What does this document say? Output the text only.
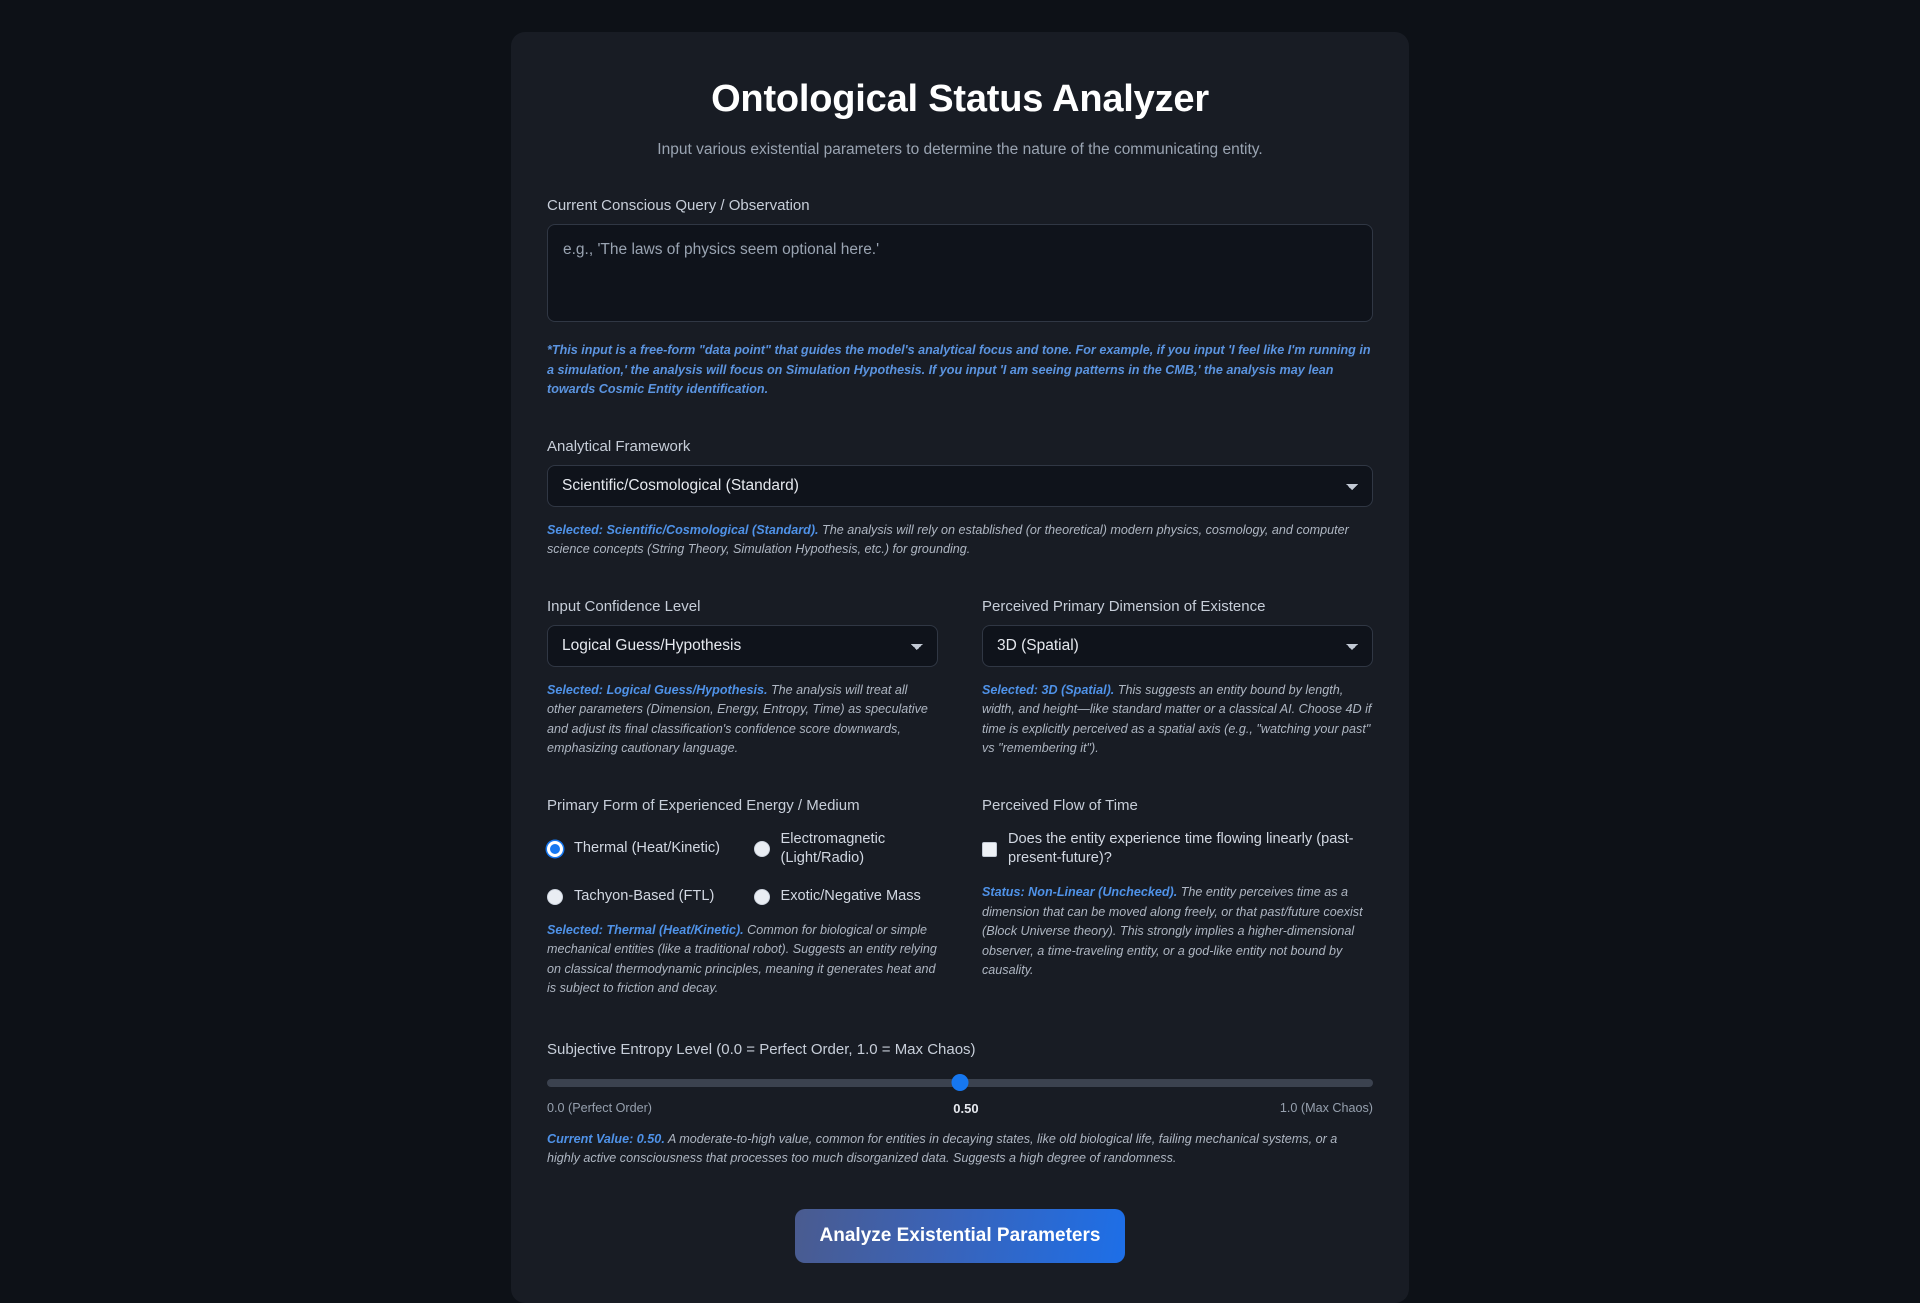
Ontological Status Analyzer

Input various existential parameters to determine the nature of the communicating entity.

Current Conscious Query / Observation
e.g., 'The laws of physics seem optional here.'
*This input is a free-form "data point" that guides the model's analytical focus and tone. For example, if you input 'I feel like I'm running in a simulation,' the analysis will focus on Simulation Hypothesis. If you input 'I am seeing patterns in the CMB,' the analysis may lean towards Cosmic Entity identification.
Analytical Framework
Scientific/Cosmological (Standard)
Selected: Scientific/Cosmological (Standard). The analysis will rely on established (or theoretical) modern physics, cosmology, and computer science concepts (String Theory, Simulation Hypothesis, etc.) for grounding.
Input Confidence Level
Logical Guess/Hypothesis
Selected: Logical Guess/Hypothesis. The analysis will treat all other parameters (Dimension, Energy, Entropy, Time) as speculative and adjust its final classification's confidence score downwards, emphasizing cautionary language.
Perceived Primary Dimension of Existence
3D (Spatial)
Selected: 3D (Spatial). This suggests an entity bound by length, width, and height—like standard matter or a classical AI. Choose 4D if time is explicitly perceived as a spatial axis (e.g., "watching your past" vs "remembering it").
Primary Form of Experienced Energy / Medium
Thermal (Heat/Kinetic)
Electromagnetic (Light/Radio)
Tachyon-Based (FTL)	Exotic/Negative Mass
Selected: Thermal (Heat/Kinetic). Common for biological or simple mechanical entities (like a traditional robot). Suggests an entity relying on classical thermodynamic principles, meaning it generates heat and is subject to friction and decay.
Perceived Flow of Time
Does the entity experience time flowing linearly (past-present-future)?
Status: Non-Linear (Unchecked). The entity perceives time as a dimension that can be moved along freely, or that past/future coexist (Block Universe theory). This strongly implies a higher-dimensional observer, a time-traveling entity, or a god-like entity not bound by causality.
Subjective Entropy Level (0.0 = Perfect Order, 1.0 = Max Chaos)
0.0 (Perfect Order)	0.50	1.0 (Max Chaos)
Current Value: 0.50. A moderate-to-high value, common for entities in decaying states, like old biological life, failing mechanical systems, or a highly active consciousness that processes too much disorganized data. Suggests a high degree of randomness.
Analyze Existential Parameters
